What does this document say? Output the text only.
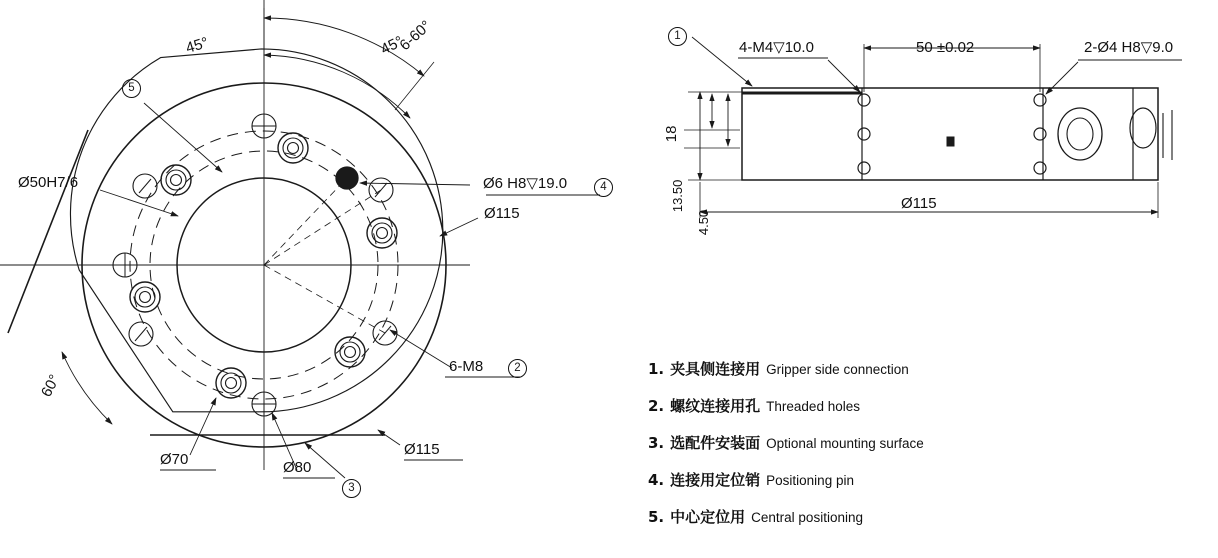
45°
45°	6-60°
60°
Ø50H7/6
Ø70	Ø80
Ø115
Ø115
Ø6 H8▽19.0
6-M8
5
4
2
3
1
4-M4▽10.0	50 ±0.02	2-Ø4 H8▽9.0
18
13.50
4.50
Ø115
1. 夹具侧连接用 Gripper side connection
2. 螺纹连接用孔 Threaded holes
3. 选配件安装面 Optional mounting surface
4. 连接用定位销 Positioning pin
5. 中心定位用 Central positioning
